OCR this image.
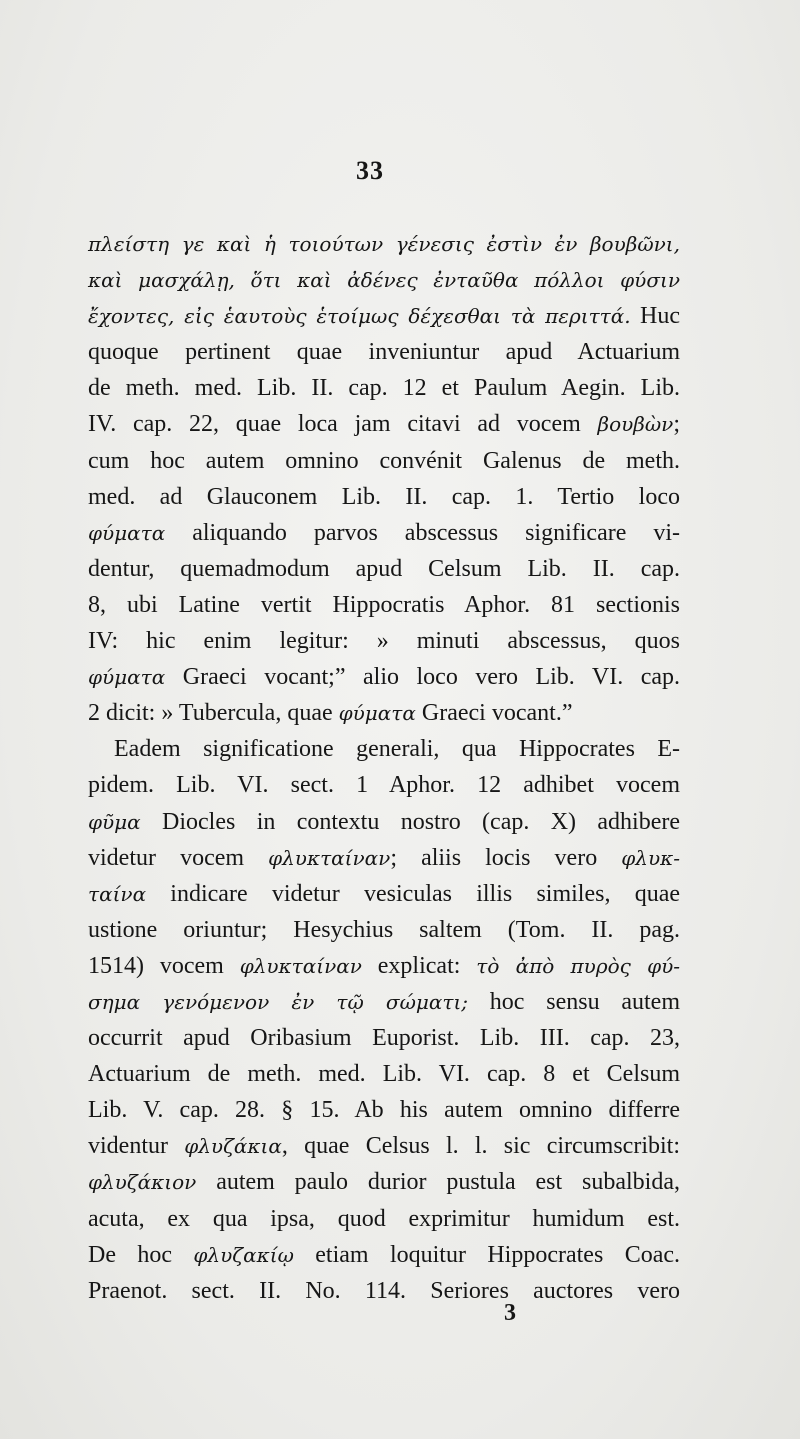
33
πλείστη γε καὶ ἡ τοιούτων γένεσις ἐστὶν ἐν βουβῶνι,
καὶ μασχάλῃ, ὅτι καὶ ἀδένες ἐνταῦθα πόλλοι φύσιν
ἔχοντες, εἰς ἑαυτοὺς ἑτοίμως δέχεσθαι τὰ περιττά. Huc
quoque pertinent quae inveniuntur apud Actuarium
de meth. med. Lib. II. cap. 12 et Paulum Aegin. Lib.
IV. cap. 22, quae loca jam citavi ad vocem βουβὼν;
cum hoc autem omnino convénit Galenus de meth.
med. ad Glauconem Lib. II. cap. 1. Tertio loco
φύματα aliquando parvos abscessus significare vi-
dentur, quemadmodum apud Celsum Lib. II. cap.
8, ubi Latine vertit Hippocratis Aphor. 81 sectionis
IV: hic enim legitur: » minuti abscessus, quos
φύματα Graeci vocant;” alio loco vero Lib. VI. cap.
2 dicit: » Tubercula, quae φύματα Graeci vocant.”
Eadem significatione generali, qua Hippocrates E-
pidem. Lib. VI. sect. 1 Aphor. 12 adhibet vocem
φῦμα Diocles in contextu nostro (cap. X) adhibere
videtur vocem φλυκταίναν; aliis locis vero φλυκ-
ταίνα indicare videtur vesiculas illis similes, quae
ustione oriuntur; Hesychius saltem (Tom. II. pag.
1514) vocem φλυκταίναν explicat: τὸ ἀπὸ πυρὸς φύ-
σημα γενόμενον ἐν τῷ σώματι; hoc sensu autem
occurrit apud Oribasium Euporist. Lib. III. cap. 23,
Actuarium de meth. med. Lib. VI. cap. 8 et Celsum
Lib. V. cap. 28. § 15. Ab his autem omnino differre
videntur φλυζάκια, quae Celsus l. l. sic circumscribit:
φλυζάκιον autem paulo durior pustula est subalbida,
acuta, ex qua ipsa, quod exprimitur humidum est.
De hoc φλυζακίῳ etiam loquitur Hippocrates Coac.
Praenot. sect. II. No. 114. Seriores auctores vero
3
